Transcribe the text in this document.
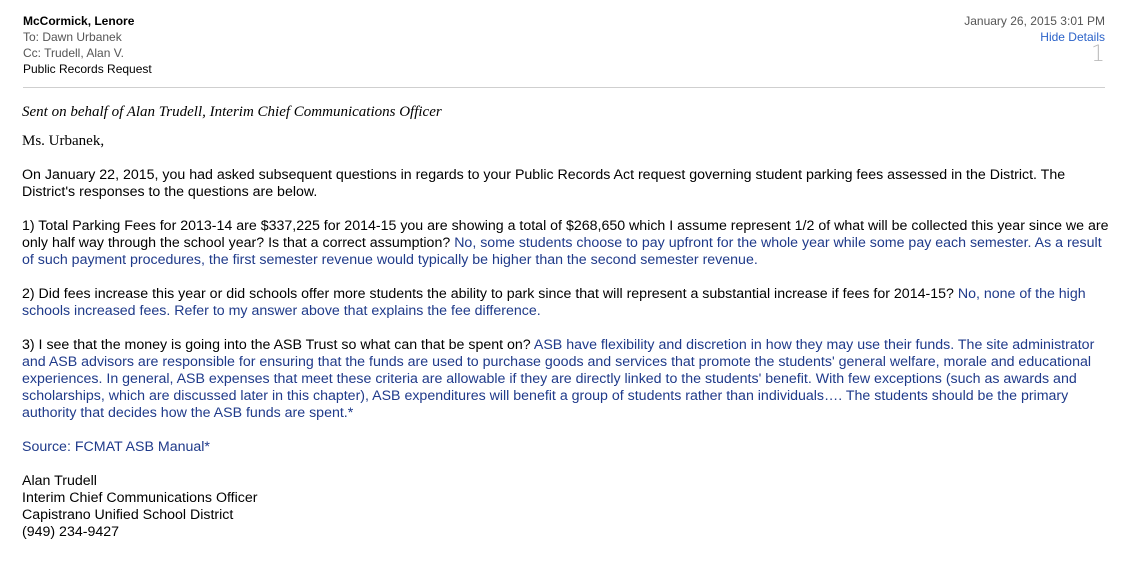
McCormick, Lenore
To: Dawn Urbanek
Cc: Trudell, Alan V.
Public Records Request
January 26, 2015 3:01 PM
Hide Details
1

Sent on behalf of Alan Trudell, Interim Chief Communications Officer

Ms. Urbanek,

On January 22, 2015, you had asked subsequent questions in regards to your Public Records Act request governing student parking fees assessed in the District. The District's responses to the questions are below.

1) Total Parking Fees for 2013-14 are $337,225 for 2014-15 you are showing a total of $268,650 which I assume represent 1/2 of what will be collected this year since we are only half way through the school year? Is that a correct assumption? No, some students choose to pay upfront for the whole year while some pay each semester. As a result of such payment procedures, the first semester revenue would typically be higher than the second semester revenue.

2) Did fees increase this year or did schools offer more students the ability to park since that will represent a substantial increase if fees for 2014-15? No, none of the high schools increased fees. Refer to my answer above that explains the fee difference.

3) I see that the money is going into the ASB Trust so what can that be spent on? ASB have flexibility and discretion in how they may use their funds. The site administrator and ASB advisors are responsible for ensuring that the funds are used to purchase goods and services that promote the students' general welfare, morale and educational experiences. In general, ASB expenses that meet these criteria are allowable if they are directly linked to the students' benefit. With few exceptions (such as awards and scholarships, which are discussed later in this chapter), ASB expenditures will benefit a group of students rather than individuals…. The students should be the primary authority that decides how the ASB funds are spent.*

Source: FCMAT ASB Manual*

Alan Trudell

Interim Chief Communications Officer

Capistrano Unified School District

(949) 234-9427
